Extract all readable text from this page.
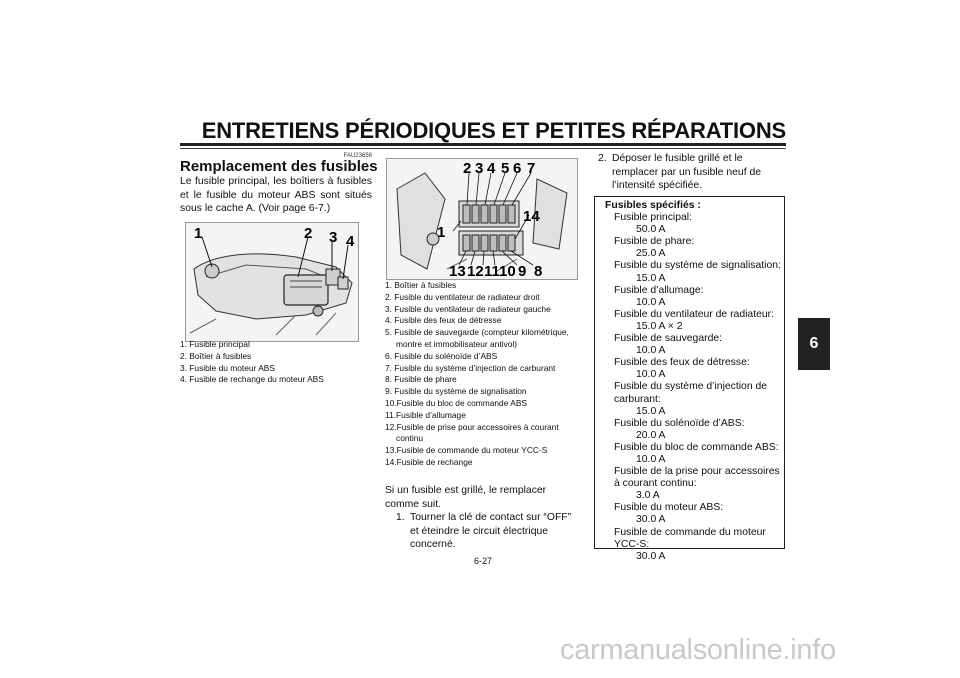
ENTRETIENS PÉRIODIQUES ET PETITES RÉPARATIONS
6
FAU23658
Remplacement des fusibles
Le fusible principal, les boîtiers à fusibles et le fusible du moteur ABS sont situés sous le cache A. (Voir page 6-7.)
1	2 3 4
1. Fusible principal
2. Boîtier à fusibles
3. Fusible du moteur ABS
4. Fusible de rechange du moteur ABS
2 3 4 5 6 7
1
14
13 12 11 10 9 8
1. Boîtier à fusibles
2. Fusible du ventilateur de radiateur droit
3. Fusible du ventilateur de radiateur gauche
4. Fusible des feux de détresse
5. Fusible de sauvegarde (compteur kilométrique, montre et immobilisateur antivol)
6. Fusible du solénoïde d’ABS
7. Fusible du système d’injection de carburant
8. Fusible de phare
9. Fusible du système de signalisation
10.Fusible du bloc de commande ABS
11.Fusible d’allumage
12.Fusible de prise pour accessoires à courant continu
13.Fusible de commande du moteur YCC-S
14.Fusible de rechange
Si un fusible est grillé, le remplacer comme suit.
1. Tourner la clé de contact sur “OFF” et éteindre le circuit électrique concerné.
2. Déposer le fusible grillé et le remplacer par un fusible neuf de l’intensité spécifiée.
Fusibles spécifiés :
Fusible principal:
50.0 A
Fusible de phare:
25.0 A
Fusible du système de signalisation:
15.0 A
Fusible d’allumage:
10.0 A
Fusible du ventilateur de radiateur:
15.0 A × 2
Fusible de sauvegarde:
10.0 A
Fusible des feux de détresse:
10.0 A
Fusible du système d’injection de carburant:
15.0 A
Fusible du solénoïde d’ABS:
20.0 A
Fusible du bloc de commande ABS:
10.0 A
Fusible de la prise pour accessoires à courant continu:
3.0 A
Fusible du moteur ABS:
30.0 A
Fusible de commande du moteur YCC-S:
30.0 A
6-27
carmanualsonline.info
